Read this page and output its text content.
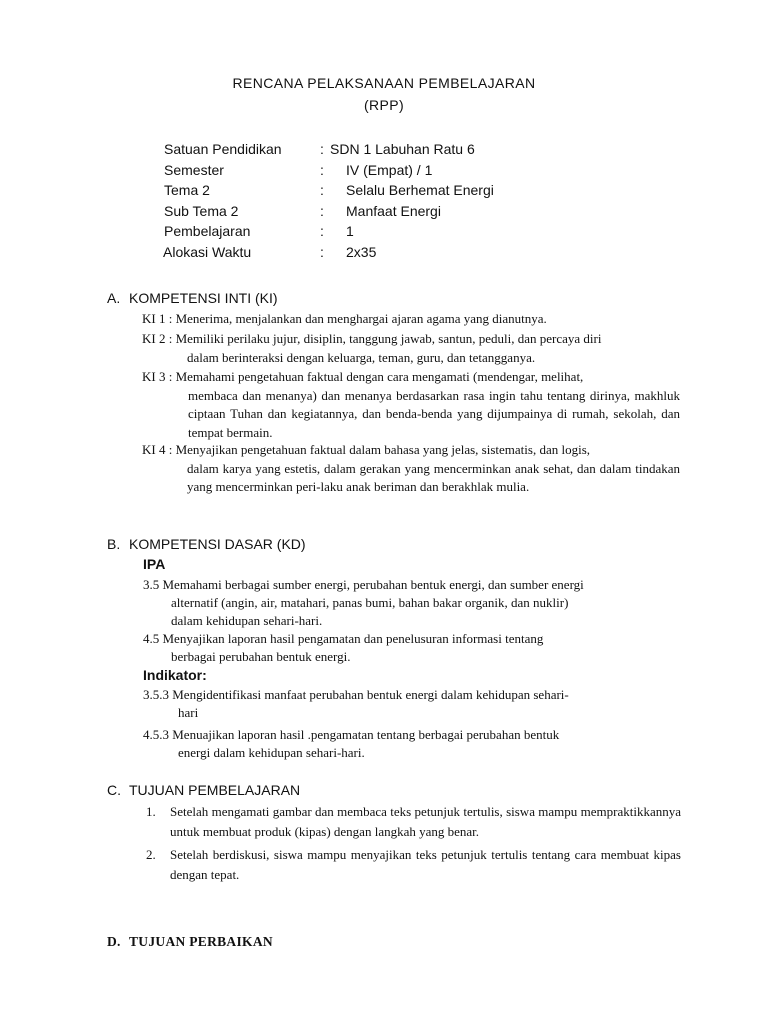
RENCANA PELAKSANAAN PEMBELAJARAN
(RPP)
Satuan Pendidikan	: SDN 1 Labuhan Ratu 6
Semester	: IV (Empat) / 1
Tema 2	: Selalu Berhemat Energi
Sub Tema 2	: Manfaat Energi
Pembelajaran	: 1
Alokasi Waktu	: 2x35
A. KOMPETENSI INTI (KI)
KI 1 : Menerima, menjalankan dan menghargai ajaran agama yang dianutnya.
KI 2 : Memiliki perilaku jujur, disiplin, tanggung jawab, santun, peduli, dan percaya diri
dalam berinteraksi dengan keluarga, teman, guru, dan tetangganya.
KI 3 : Memahami pengetahuan faktual dengan cara mengamati (mendengar, melihat,
membaca dan menanya) dan menanya berdasarkan rasa ingin tahu tentang dirinya, makhluk ciptaan Tuhan dan kegiatannya, dan benda-benda yang dijumpainya di rumah, sekolah, dan tempat bermain.
KI 4 : Menyajikan pengetahuan faktual dalam bahasa yang jelas, sistematis, dan logis,
dalam karya yang estetis, dalam gerakan yang mencerminkan anak sehat, dan dalam tindakan yang mencerminkan peri-laku anak beriman dan berakhlak mulia.
B. KOMPETENSI DASAR (KD)
IPA
3.5 Memahami berbagai sumber energi, perubahan bentuk energi, dan sumber energi
alternatif (angin, air, matahari, panas bumi, bahan bakar organik, dan nuklir)
dalam kehidupan sehari-hari.
4.5 Menyajikan laporan hasil pengamatan dan penelusuran informasi tentang
berbagai perubahan bentuk energi.
Indikator:
3.5.3 Mengidentifikasi manfaat perubahan bentuk energi dalam kehidupan sehari-
hari
4.5.3 Menuajikan laporan hasil .pengamatan tentang berbagai perubahan bentuk
energi dalam kehidupan sehari-hari.
C. TUJUAN PEMBELAJARAN
1.	Setelah mengamati gambar dan membaca teks petunjuk tertulis, siswa mampu mempraktikkannya untuk membuat produk (kipas) dengan langkah yang benar.
2.	Setelah berdiskusi, siswa mampu menyajikan teks petunjuk tertulis tentang cara membuat kipas dengan tepat.
D. TUJUAN PERBAIKAN
